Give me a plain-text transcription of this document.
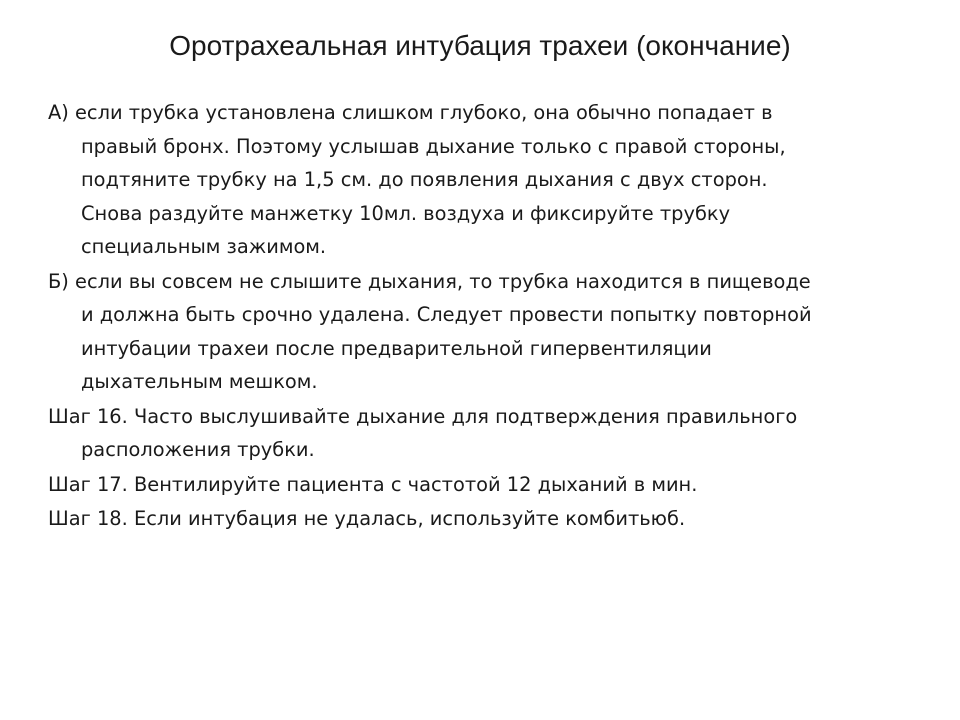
Оротрахеальная интубация трахеи (окончание)
А) если трубка установлена слишком глубоко, она обычно попадает в
правый бронх. Поэтому услышав дыхание только с правой стороны,
подтяните трубку на 1,5 см. до появления дыхания с двух сторон.
Снова раздуйте манжетку 10мл. воздуха и фиксируйте трубку
специальным зажимом.
Б) если вы совсем не слышите дыхания, то трубка находится в пищеводе
и должна быть срочно удалена. Следует провести попытку повторной
интубации трахеи после предварительной гипервентиляции
дыхательным мешком.
Шаг 16. Часто выслушивайте дыхание для подтверждения правильного
расположения трубки.
Шаг 17. Вентилируйте пациента с частотой 12 дыханий в мин.
Шаг 18. Если интубация не удалась, используйте комбитьюб.
